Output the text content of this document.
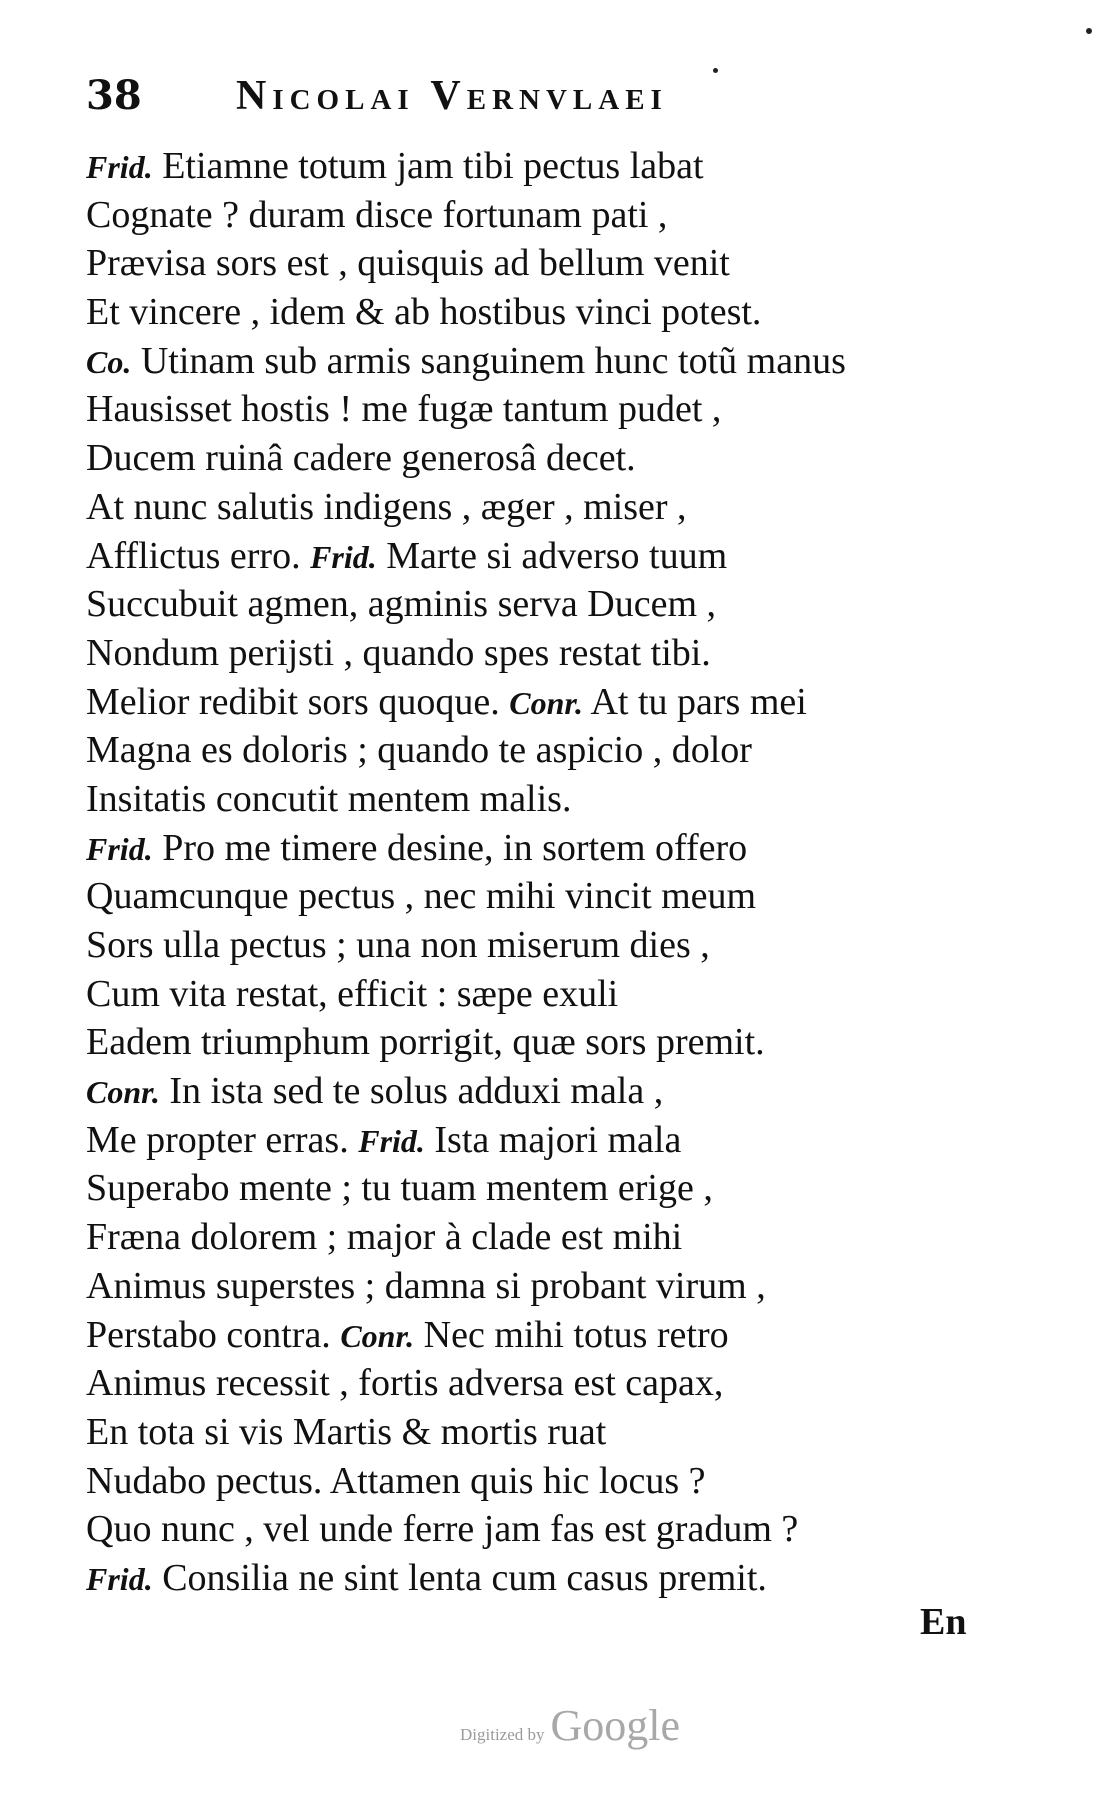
38	Nicolai Vernvlaei
Frid. Etiamne totum jam tibi pectus labat
Cognate ? duram disce fortunam pati ,
Prævisa sors est , quisquis ad bellum venit
Et vincere , idem & ab hostibus vinci potest.
Co. Utinam sub armis sanguinem hunc totũ manus
Hausisset hostis ! me fugæ tantum pudet ,
Ducem ruinâ cadere generosâ decet.
At nunc salutis indigens , æger , miser ,
Afflictus erro. Frid. Marte si adverso tuum
Succubuit agmen, agminis serva Ducem ,
Nondum perijsti , quando spes restat tibi.
Melior redibit sors quoque. Conr. At tu pars mei
Magna es doloris ; quando te aspicio , dolor
Insitatis concutit mentem malis.
Frid. Pro me timere desine, in sortem offero
Quamcunque pectus , nec mihi vincit meum
Sors ulla pectus ; una non miserum dies ,
Cum vita restat, efficit : sæpe exuli
Eadem triumphum porrigit, quæ sors premit.
Conr. In ista sed te solus adduxi mala ,
Me propter erras. Frid. Ista majori mala
Superabo mente ; tu tuam mentem erige ,
Fræna dolorem ; major à clade est mihi
Animus superstes ; damna si probant virum ,
Perstabo contra. Conr. Nec mihi totus retro
Animus recessit , fortis adversa est capax,
En tota si vis Martis & mortis ruat
Nudabo pectus. Attamen quis hic locus ?
Quo nunc , vel unde ferre jam fas est gradum ?
Frid. Consilia ne sint lenta cum casus premit.
En
Digitized by Google
